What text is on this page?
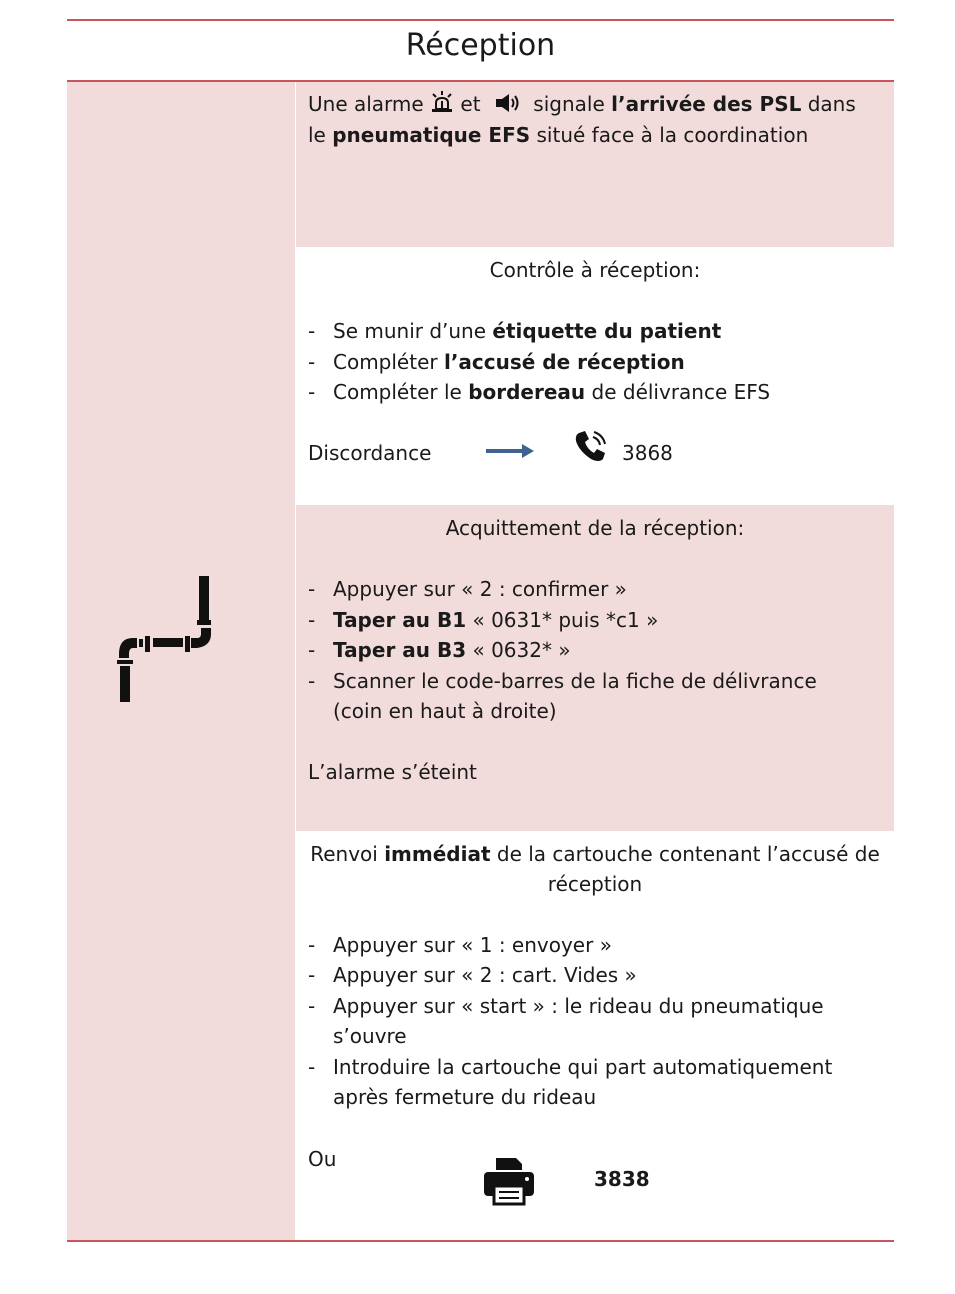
Réception
Une alarme et	signale l’arrivée des PSL dans
le pneumatique EFS situé face à la coordination
Contrôle à réception:
- Se munir d’une étiquette du patient
- Compléter l’accusé de réception
- Compléter le bordereau de délivrance EFS
Discordance	3868
Acquittement de la réception:
- Appuyer sur « 2 : confirmer »
- Taper au B1 « 0631* puis *c1 »
- Taper au B3 « 0632* »
- Scanner le code-barres de la fiche de délivrance
(coin en haut à droite)
L’alarme s’éteint
Renvoi immédiat de la cartouche contenant l’accusé de
réception
- Appuyer sur « 1 : envoyer »
- Appuyer sur « 2 : cart. Vides »
- Appuyer sur « start » : le rideau du pneumatique
s’ouvre
- Introduire la cartouche qui part automatiquement
après fermeture du rideau
Ou
3838
